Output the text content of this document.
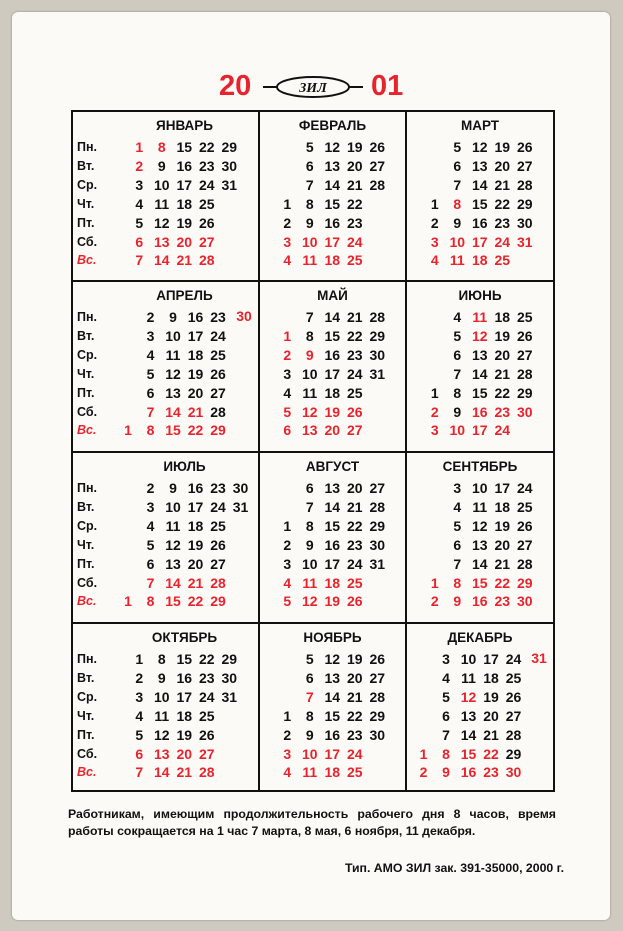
20	ЗИЛ 01
Пн.
Вт.
Ср.
Чт.
Пт.
Сб.
Вс.
Пн.
Вт.
Ср.
Чт.
Пт.
Сб.
Вс.
Пн.
Вт.
Ср.
Чт.
Пт.
Сб.
Вс.
Пн.
Вт.
Ср.
Чт.
Пт.
Сб.
Вс.
ЯНВАРЬ
1
2
3
4
5
6
7
8
9
10
11
12
13
14
15
16
17
18
19
20
21
22
23
24
25
26
27
28
29
30
31
ФЕВРАЛЬ
1
2
3
4
5
6
7
8
9
10
11
12
13
14
15
16
17
18
19
20
21
22
23
24
25
26
27
28
МАРТ
1
2
3
4
5
6
7
8
9
10
11
12
13
14
15
16
17
18
19
20
21
22
23
24
25
26
27
28
29
30
31
АПРЕЛЬ
1
2
3
4
5
6
7
8
9
10
11
12
13
14
15
16
17
18
19
20
21
22
23
24
25
26
27
28
29
30
МАЙ
1
2
3
4
5
6
7
8
9
10
11
12
13
14
15
16
17
18
19
20
21
22
23
24
25
26
27
28
29
30
31
ИЮНЬ
1
2
3
4
5
6
7
8
9
10
11
12
13
14
15
16
17
18
19
20
21
22
23
24
25
26
27
28
29
30
ИЮЛЬ
1
2
3
4
5
6
7
8
9
10
11
12
13
14
15
16
17
18
19
20
21
22
23
24
25
26
27
28
29
30
31
АВГУСТ
1
2
3
4
5
6
7
8
9
10
11
12
13
14
15
16
17
18
19
20
21
22
23
24
25
26
27
28
29
30
31
СЕНТЯБРЬ
1
2
3
4
5
6
7
8
9
10
11
12
13
14
15
16
17
18
19
20
21
22
23
24
25
26
27
28
29
30
ОКТЯБРЬ
1
2
3
4
5
6
7
8
9
10
11
12
13
14
15
16
17
18
19
20
21
22
23
24
25
26
27
28
29
30
31
НОЯБРЬ
1
2
3
4
5
6
7
8
9
10
11
12
13
14
15
16
17
18
19
20
21
22
23
24
25
26
27
28
29
30
ДЕКАБРЬ
1
2
3
4
5
6
7
8
9
10
11
12
13
14
15
16
17
18
19
20
21
22
23
24
25
26
27
28
29
30
31
Работникам, имеющим продолжительность рабочего дня 8 часов, время работы сокращается на 1 час 7 марта, 8 мая, 6 ноября, 11 декабря.
Тип. АМО ЗИЛ зак. 391-35000, 2000 г.
